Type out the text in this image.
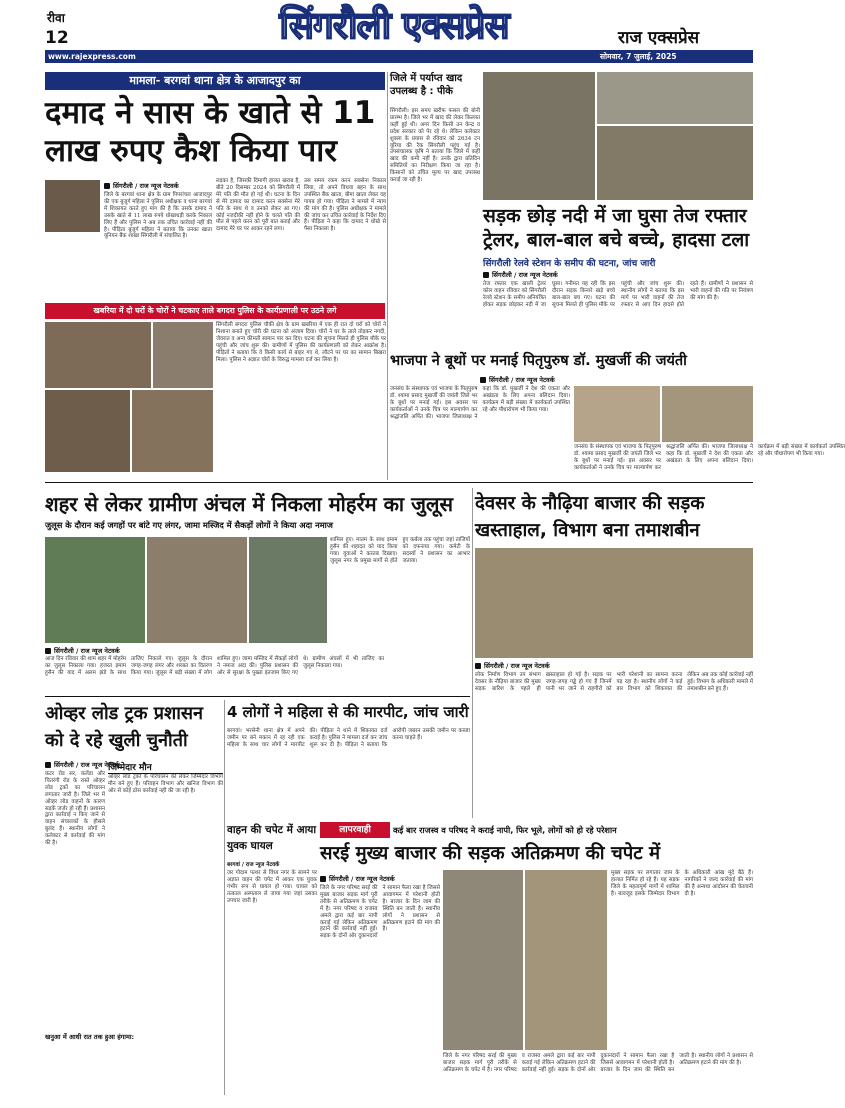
रीवा
12	सिंगरौली एक्सप्रेस	राज एक्सप्रेस
www.rajexpress.com	सोमवार, 7 जुलाई, 2025
मामला- बरगवां थाना क्षेत्र के आजादपुर का
दमाद ने सास के खाते से 11 लाख रुपए कैश किया पार
सिंगरौली / राज न्यूज नेटवर्क
जिले के बरगवां थाना क्षेत्र के ग्राम पिपरांचल आजादपुर की एक बुजुर्ग महिला ने पुलिस अधीक्षक व थाना बरगवां में शिकायत करते हुए मांग की है कि उसके दामाद ने उसके खाते से 11 लाख रुपये धोखाधड़ी करके निकाल लिए हैं और पुलिस ने अब तक उचित कार्रवाई नहीं की है। पीड़िता बुजुर्ग महिला ने बताया कि उनका खाता यूनियन बैंक शाखा सिंगरौली में संचालित है।
लड़का है, जिसकी दिमागी हालत खराब है, बीते 20 दिसम्बर 2024 को सिंगरौली में मेरे पति की मौत हो गई थी। घटना के दिन से मेरे दामाद का दामाद करन सक्सेना मेरे पति के साथ थे व उनको लेकर आ गए। कोई नजदीकी नहीं होने के चलते पति की मौत से पहले करन को पूरी बात बताई और दामाद मेरे घर पर आकर रहने लगा।
उस समय रकम करन सक्सेना निकाल लिया, तो अपने विधवा बहन के साथ उपस्थित बैंक खाता, बीमा खाता लेकर वह गायब हो गया। पीड़िता ने मामले में न्याय की मांग की है। पुलिस अधीक्षक ने मामले की जांच कर उचित कार्रवाई के निर्देश दिए हैं। पीड़िता ने कहा कि दामाद ने धोखे से पैसा निकाला है।
खबरिया में दो घरों के चोरों ने चटकाए ताले बगदरा पुलिस के कार्यप्रणाली पर उठने लगे
सिंगरौली बगदरा पुलिस चौकी क्षेत्र के ग्राम खबरिया में एक ही रात दो घरों को चोरों ने निशाना बनाते हुए चोरी की घटना को अंजाम दिया। चोरों ने घर के ताले तोड़कर नगदी, जेवरात व अन्य कीमती सामान पार कर दिए। घटना की सूचना मिलते ही पुलिस मौके पर पहुंची और जांच शुरू की। ग्रामीणों में पुलिस की कार्यप्रणाली को लेकर आक्रोश है। पीड़ितों ने बताया कि वे किसी कार्य से बाहर गए थे, लौटने पर घर का सामान बिखरा मिला। पुलिस ने अज्ञात चोरों के विरुद्ध मामला दर्ज कर लिया है।
जिले में पर्याप्त खाद उपलब्ध है : पीके
सिंगरौली। इस समय खरीफ फसल की बोनी प्रारम्भ है। जिले भर में खाद की लेकर किल्लत कहीं हुई थी। अगर दिन किसी उन केन्द्र व प्रदेश सरकार को पेर रहे थे। लेकिन कलेक्टर शुक्ला के प्रयास से रविवार को 2634 टन यूरिया की रैक सिंगरौली पहुंच गई है। उपसंचालक कृषि ने बताया कि जिले में कहीं खाद की कमी नहीं है। उनके द्वारा प्रतिदिन समितियों का निरीक्षण किया जा रहा है। किसानों को उचित मूल्य पर खाद उपलब्ध कराई जा रही है।
सड़क छोड़ नदी में जा घुसा तेज रफ्तार ट्रेलर, बाल-बाल बचे बच्चे, हादसा टला
सिंगरौली रेलवे स्टेशन के समीप की घटना, जांच जारी
सिंगरौली / राज न्यूज नेटवर्क
तेज रफ्तार एक खाली ट्रेलर कोल वाहन रविवार को सिंगरौली रेलवे स्टेशन के समीप अनियंत्रित होकर सड़क छोड़कर नदी में जा घुसा। गनीमत यह रही कि इस दौरान सड़क किनारे खड़े बच्चे बाल-बाल बच गए। घटना की सूचना मिलते ही पुलिस मौके पर पहुंची और जांच शुरू की। स्थानीय लोगों ने बताया कि इस मार्ग पर भारी वाहनों की तेज रफ्तार से आए दिन हादसे होते रहते हैं। ग्रामीणों ने प्रशासन से भारी वाहनों की गति पर नियंत्रण की मांग की है।
भाजपा ने बूथों पर मनाई पितृपुरुष डॉ. मुखर्जी की जयंती
सिंगरौली / राज न्यूज नेटवर्क
जनसंघ के संस्थापक एवं भाजपा के पितृपुरुष डॉ. श्यामा प्रसाद मुखर्जी की जयंती जिले भर के बूथों पर मनाई गई। इस अवसर पर कार्यकर्ताओं ने उनके चित्र पर माल्यार्पण कर श्रद्धांजलि अर्पित की। भाजपा जिलाध्यक्ष ने कहा कि डॉ. मुखर्जी ने देश की एकता और अखंडता के लिए अपना बलिदान दिया। कार्यक्रम में बड़ी संख्या में कार्यकर्ता उपस्थित रहे और पौधारोपण भी किया गया।
जनसंघ के संस्थापक एवं भाजपा के पितृपुरुष डॉ. श्यामा प्रसाद मुखर्जी की जयंती जिले भर के बूथों पर मनाई गई। इस अवसर पर कार्यकर्ताओं ने उनके चित्र पर माल्यार्पण कर श्रद्धांजलि अर्पित की। भाजपा जिलाध्यक्ष ने कहा कि डॉ. मुखर्जी ने देश की एकता और अखंडता के लिए अपना बलिदान दिया। कार्यक्रम में बड़ी संख्या में कार्यकर्ता उपस्थित रहे और पौधारोपण भी किया गया।
शहर से लेकर ग्रामीण अंचल में निकला मोहर्रम का जुलूस
जुलूस के दौरान कई जगहों पर बांटे गए लंगर, जामा मस्जिद में सैकड़ों लोगों ने किया अदा नमाज
शामिल हुए। मातम के साथ इमाम हुसैन की शहादत को याद किया गया। युवाओं ने करतब दिखाए। जुलूस नगर के प्रमुख मार्गों से होते हुए कर्बला तक पहुंचा जहां ताजियों को दफनाया गया। कमेटी के सदस्यों ने प्रशासन का आभार जताया।
सिंगरौली / राज न्यूज नेटवर्क
आज दिन रविवार की शाम शहर में मोहर्रम का जुलूस निकाला गया। हजरत इमाम हुसैन की याद में अलम झंडे के साथ ताजिए निकाले गए। जुलूस के दौरान जगह-जगह लंगर और शरबत का वितरण किया गया। जुलूस में बड़ी संख्या में लोग शामिल हुए। जामा मस्जिद में सैकड़ों लोगों ने नमाज अदा की। पुलिस प्रशासन की ओर से सुरक्षा के पुख्ता इंतजाम किए गए थे। ग्रामीण अंचलों में भी ताजिए का जुलूस निकाला गया।
देवसर के नौढ़िया बाजार की सड़क खस्ताहाल, विभाग बना तमाशबीन
सिंगरौली / राज न्यूज नेटवर्क
लोक निर्माण विभाग उप संभाग देवसर के नौढ़िया बाजार की मुख्य सड़क बारिश के पहले ही खस्ताहाल हो गई है। सड़क पर जगह-जगह गड्ढे हो गए हैं जिनमें पानी भर जाने से राहगीरों को भारी परेशानी का सामना करना पड़ रहा है। स्थानीय लोगों ने कई बार विभाग को शिकायत की लेकिन अब तक कोई कार्रवाई नहीं हुई। विभाग के अधिकारी मामले में तमाशबीन बने हुए हैं।
ओव्हर लोड ट्रक प्रशासन को दे रहे खुली चुनौती
सिंगरौली / राज न्यूज नेटवर्क
कटर रोड सर, कलेंडा और चितरंगी रोड के रास्ते ओव्हर लोड ट्रकों का परिचालन लगातार जारी है। जिले भर में ओव्हर लोड वाहनों के कारण सड़कें जर्जर हो रही हैं। प्रशासन द्वारा कार्रवाई न किए जाने से वाहन संचालकों के हौसले बुलंद हैं। स्थानीय लोगों ने कलेक्टर से कार्रवाई की मांग की है।
जिम्मेदार मौन
ओव्हर लोड ट्रकों के परिचालन को लेकर जिम्मेदार विभाग मौन बने हुए हैं। परिवहन विभाग और खनिज विभाग की ओर से कोई ठोस कार्रवाई नहीं की जा रही है।
खनुआ में आधी रात तक हुआ हंगामा:
4 लोगों ने महिला से की मारपीट, जांच जारी
बरगवां। भरसेनी थाना क्षेत्र में अपने जमीन पर बने मकान में रह रही एक महिला के साथ चार लोगों ने मारपीट की। पीड़िता ने थाने में शिकायत दर्ज कराई है। पुलिस ने मामला दर्ज कर जांच शुरू कर दी है। पीड़िता ने बताया कि आरोपी जबरन उसकी जमीन पर कब्जा करना चाहते हैं।
वाहन की चपेट में आया युवक घायल
बरगवां / राज न्यूज नेटवर्क
जर गोदाम पत्थर से विंध्य नगर के सामने पर अज्ञात वाहन की चपेट में आकर एक युवक गंभीर रूप से घायल हो गया। घायल को तत्काल अस्पताल ले जाया गया जहां उसका उपचार जारी है।
लापरवाही	कई बार राजस्व व परिषद ने कराई नापी, फिर भूले, लोगों को हो रहे परेशान
सरई मुख्य बाजार की सड़क अतिक्रमण की चपेट में
सिंगरौली / राज न्यूज नेटवर्क
जिले के नगर परिषद सरई की मुख्य बाजार सड़क मार्ग पूरी तरीके से अतिक्रमण के चपेट में है। नगर परिषद व राजस्व अमले द्वारा कई बार नापी कराई गई लेकिन अतिक्रमण हटाने की कार्रवाई नहीं हुई। सड़क के दोनों ओर दुकानदारों ने सामान फैला रखा है जिससे आवागमन में परेशानी होती है। बाजार के दिन जाम की स्थिति बन जाती है। स्थानीय लोगों ने प्रशासन से अतिक्रमण हटाने की मांग की है।
मुख्य सड़क पर लगातार जाम के हालात निर्मित हो रहे हैं। यह सड़क जिले के महत्वपूर्ण मार्गों में शामिल है। बावजूद इसके जिम्मेदार विभाग के अधिकारी आंख मूंदे बैठे हैं। नागरिकों ने जल्द कार्रवाई की मांग की है अन्यथा आंदोलन की चेतावनी दी है।
जिले के नगर परिषद सरई की मुख्य बाजार सड़क मार्ग पूरी तरीके से अतिक्रमण के चपेट में है। नगर परिषद व राजस्व अमले द्वारा कई बार नापी कराई गई लेकिन अतिक्रमण हटाने की कार्रवाई नहीं हुई। सड़क के दोनों ओर दुकानदारों ने सामान फैला रखा है जिससे आवागमन में परेशानी होती है। बाजार के दिन जाम की स्थिति बन जाती है। स्थानीय लोगों ने प्रशासन से अतिक्रमण हटाने की मांग की है।
